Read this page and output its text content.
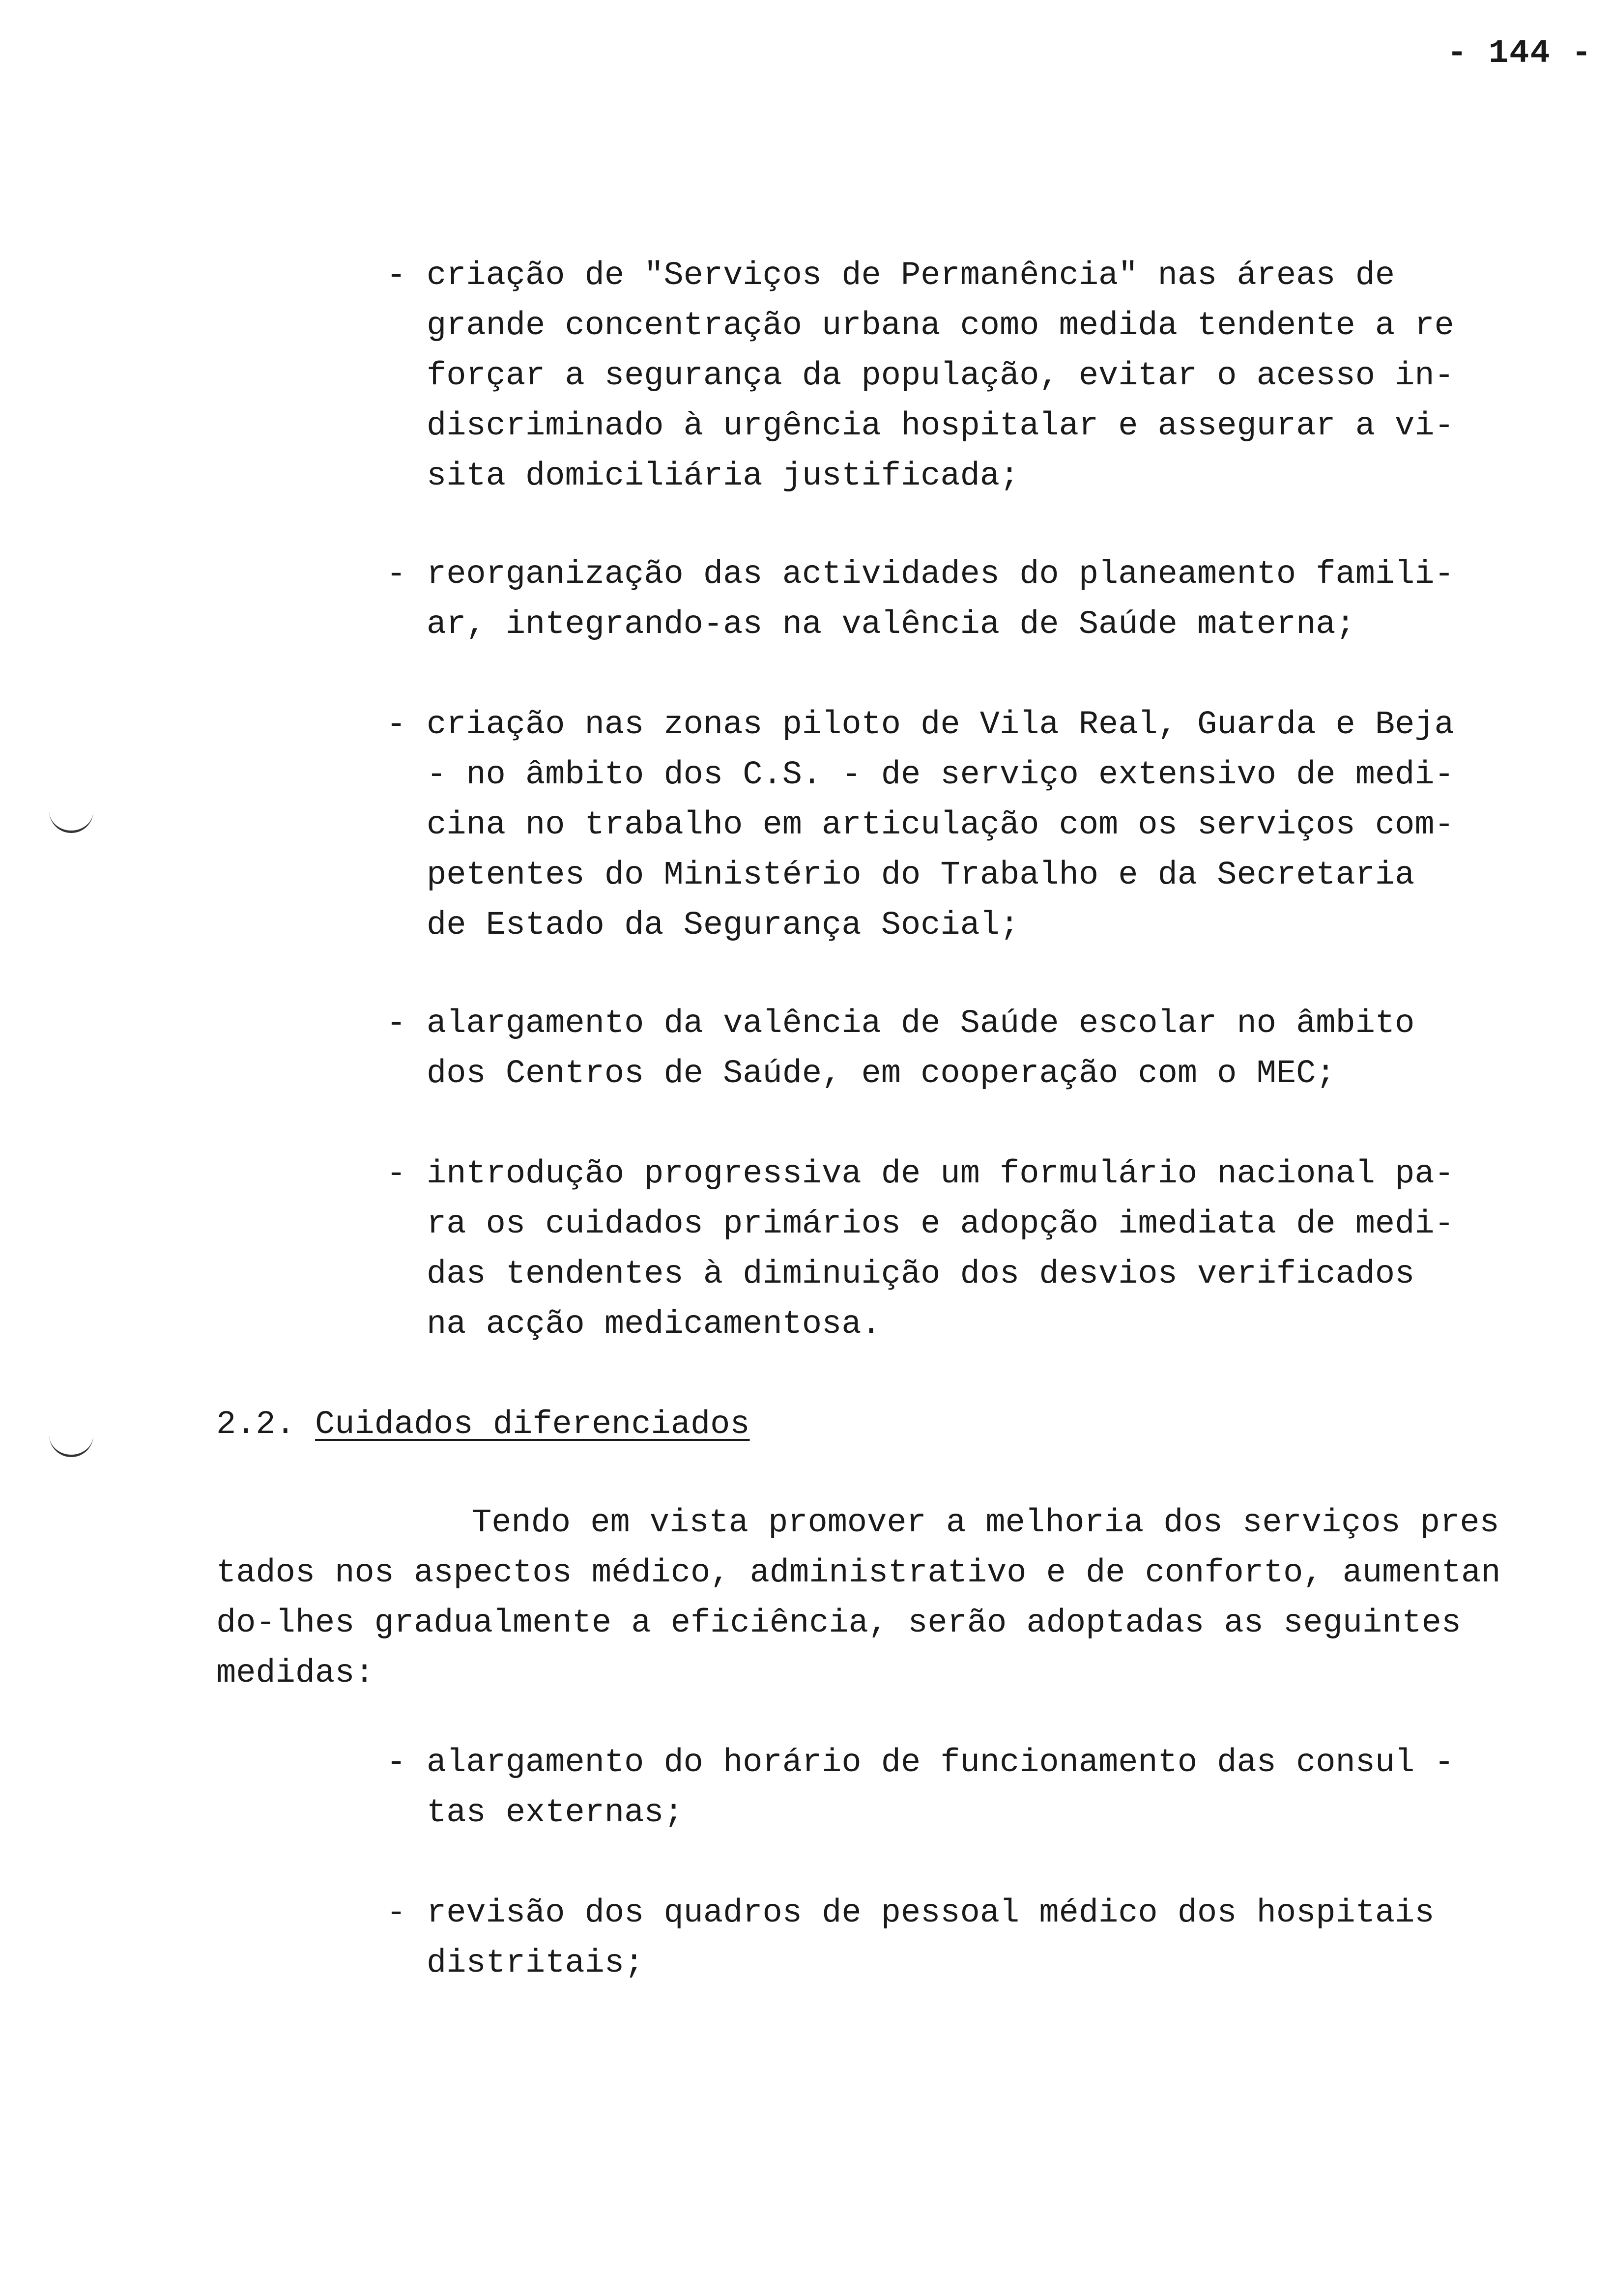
- 144 -
- criação de "Serviços de Permanência" nas áreas de
grande concentração urbana como medida tendente a re
forçar a segurança da população, evitar o acesso in-
discriminado à urgência hospitalar e assegurar a vi-
sita domiciliária justificada;

- reorganização das actividades do planeamento famili-
ar, integrando-as na valência de Saúde materna;

- criação nas zonas piloto de Vila Real, Guarda e Beja
- no âmbito dos C.S. - de serviço extensivo de medi-
cina no trabalho em articulação com os serviços com-
petentes do Ministério do Trabalho e da Secretaria
de Estado da Segurança Social;

- alargamento da valência de Saúde escolar no âmbito
dos Centros de Saúde, em cooperação com o MEC;

- introdução progressiva de um formulário nacional pa-
ra os cuidados primários e adopção imediata de medi-
das tendentes à diminuição dos desvios verificados
na acção medicamentosa.

2.2. Cuidados diferenciados
Tendo em vista promover a melhoria dos serviços pres
tados nos aspectos médico, administrativo e de conforto, aumentan
do-lhes gradualmente a eficiência, serão adoptadas as seguintes
medidas:
- alargamento do horário de funcionamento das consul -
tas externas;

- revisão dos quadros de pessoal médico dos hospitais
distritais;
